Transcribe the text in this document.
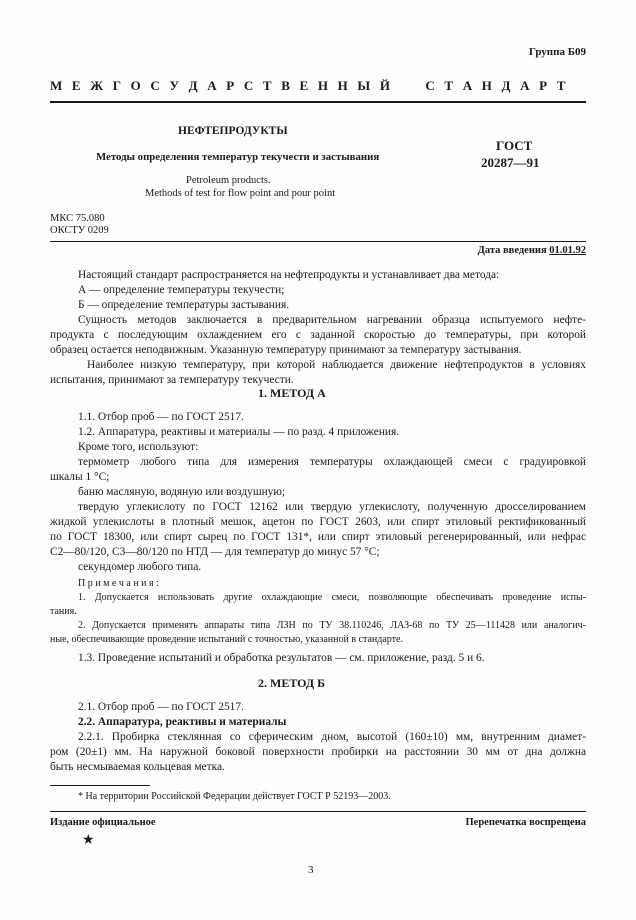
Группа Б09
М Е Ж Г О С У Д А Р С Т В Е Н Н Ы Й     С Т А Н Д А Р Т
НЕФТЕПРОДУКТЫ
Методы определения температур текучести и застывания
Petroleum products.
Methods of test for flow point and pour point
ГОСТ
20287—91
МКС 75.080
ОКСТУ 0209
Дата введения 01.01.92
Настоящий стандарт распространяется на нефтепродукты и устанавливает два метода:
А — определение температуры текучести;
Б — определение температуры застывания.
Сущность методов заключается в предварительном нагревании образца испытуемого нефте-
продукта с последующим охлаждением его с заданной скоростью до температуры, при которой
образец остается неподвижным. Указанную температуру принимают за температуру застывания.
Наиболее низкую температуру, при которой наблюдается движение нефтепродуктов в условиях
испытания, принимают за температуру текучести.
1. МЕТОД А
1.1. Отбор проб — по ГОСТ 2517.
1.2. Аппаратура, реактивы и материалы — по разд. 4 приложения.
Кроме того, используют:
термометр любого типа для измерения температуры охлаждающей смеси с градуировкой
шкалы 1 °С;
баню масляную, водяную или воздушную;
твердую углекислоту по ГОСТ 12162 или твердую углекислоту, полученную дросселированием
жидкой углекислоты в плотный мешок, ацетон по ГОСТ 2603, или спирт этиловый ректификованный
по ГОСТ 18300, или спирт сырец по ГОСТ 131*, или спирт этиловый регенерированный, или нефрас
С2—80/120, С3—80/120 по НТД — для температур до минус 57 °С;
секундомер любого типа.
П р и м е ч а н и я :
1. Допускается использовать другие охлаждающие смеси, позволяющие обеспечивать проведение испы-
тания.
2. Допускается применять аппараты типа ЛЗН по ТУ 38.110246, ЛАЗ-68 по ТУ 25—111428 или аналогич-
ные, обеспечивающие проведение испытаний с точностью, указанной в стандарте.
1.3. Проведение испытаний и обработка результатов — см. приложение, разд. 5 и 6.
2. МЕТОД Б
2.1. Отбор проб — по ГОСТ 2517.
2.2. Аппаратура, реактивы и материалы
2.2.1. Пробирка стеклянная со сферическим дном, высотой (160±10) мм, внутренним диамет-
ром (20±1) мм. На наружной боковой поверхности пробирки на расстоянии 30 мм от дна должна
быть несмываемая кольцевая метка.
* На территории Российской Федерации действует ГОСТ Р 52193—2003.
Издание официальное	Перепечатка воспрещена
★
3
